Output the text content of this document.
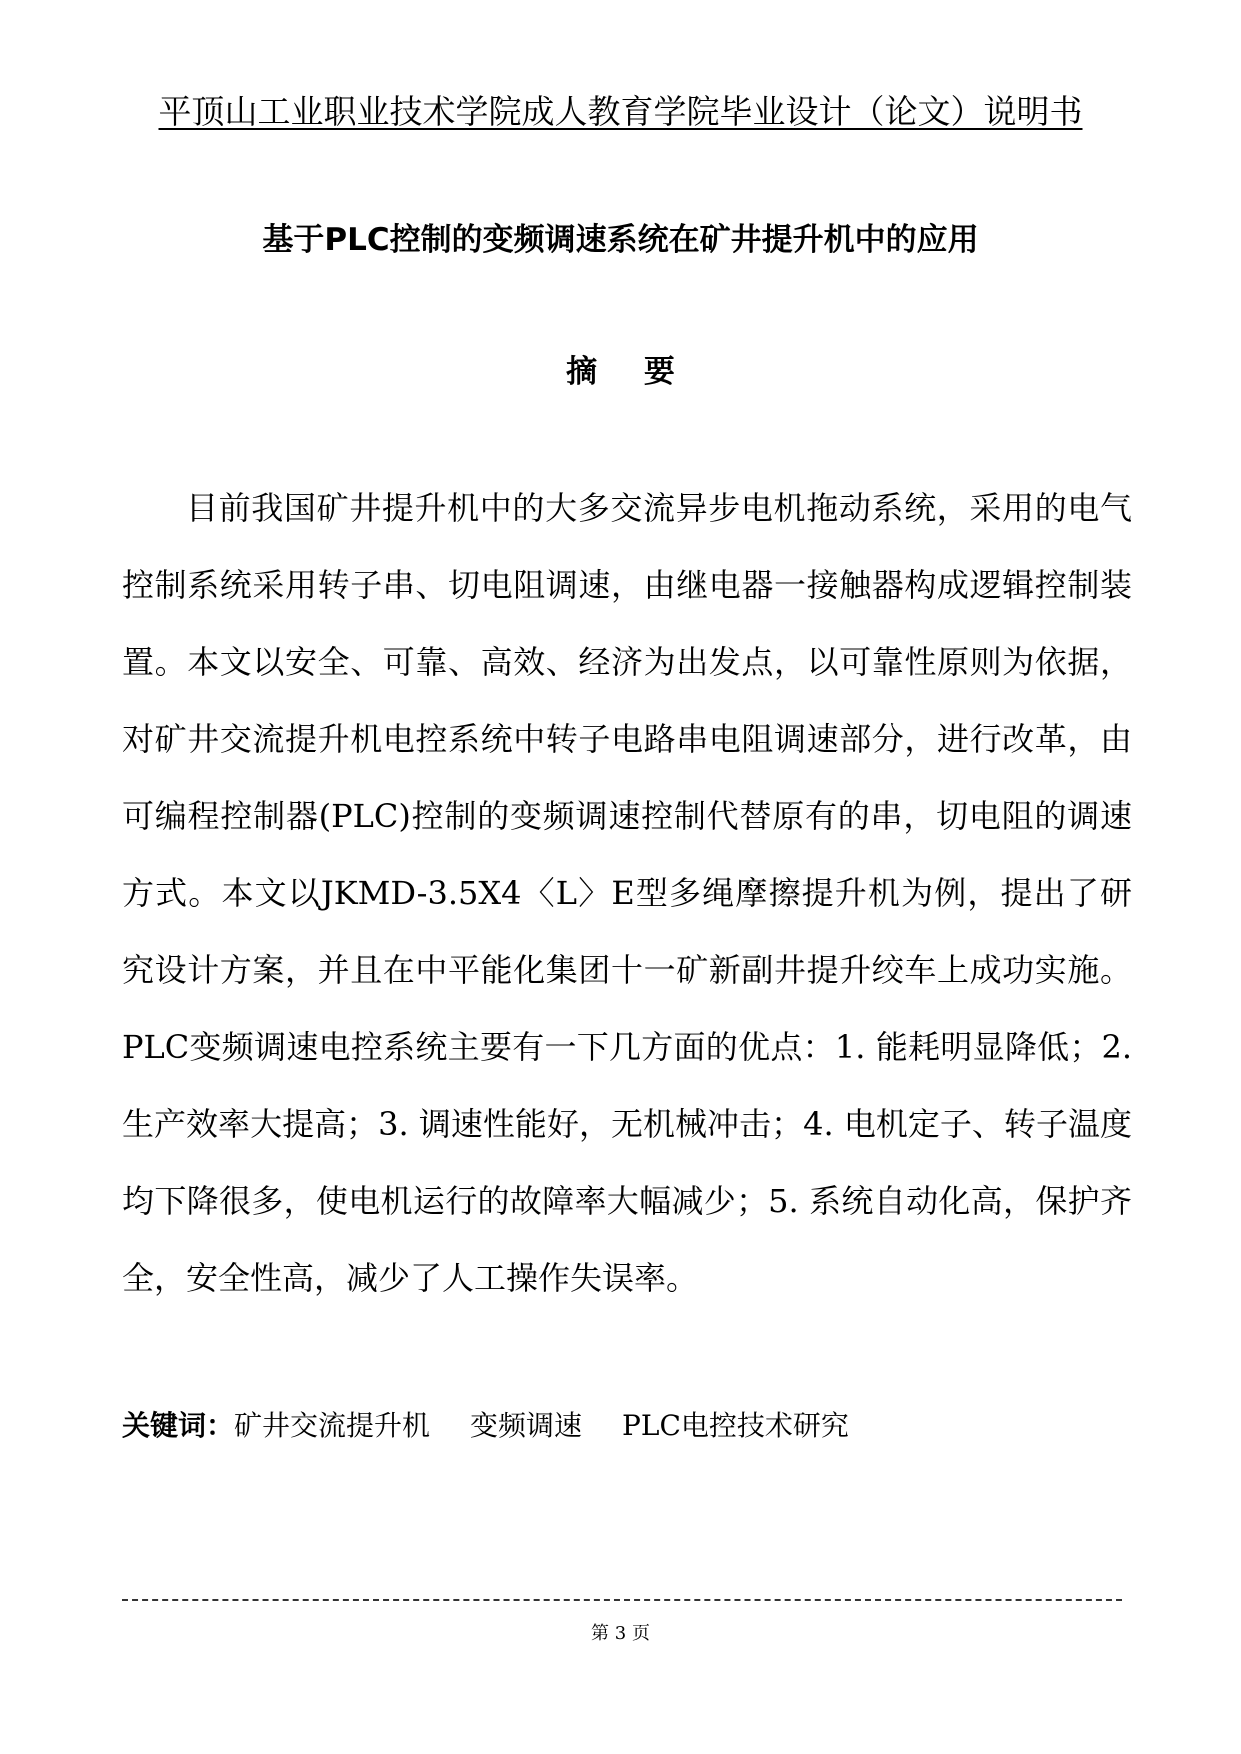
平顶山工业职业技术学院成人教育学院毕业设计（论文）说明书
基于PLC控制的变频调速系统在矿井提升机中的应用
摘 要
目前我国矿井提升机中的大多交流异步电机拖动系统，采用的电气控制系统采用转子串、切电阻调速，由继电器一接触器构成逻辑控制装置。本文以安全、可靠、高效、经济为出发点，以可靠性原则为依据，对矿井交流提升机电控系统中转子电路串电阻调速部分，进行改革，由可编程控制器(PLC)控制的变频调速控制代替原有的串，切电阻的调速方式。本文以JKMD-3.5X4〈L〉E型多绳摩擦提升机为例，提出了研究设计方案，并且在中平能化集团十一矿新副井提升绞车上成功实施。PLC变频调速电控系统主要有一下几方面的优点：1. 能耗明显降低；2. 生产效率大提高；3. 调速性能好，无机械冲击；4. 电机定子、转子温度均下降很多，使电机运行的故障率大幅减少；5. 系统自动化高，保护齐全，安全性高，减少了人工操作失误率。
关键词：矿井交流提升机 变频调速 PLC电控技术研究
第 3 页
